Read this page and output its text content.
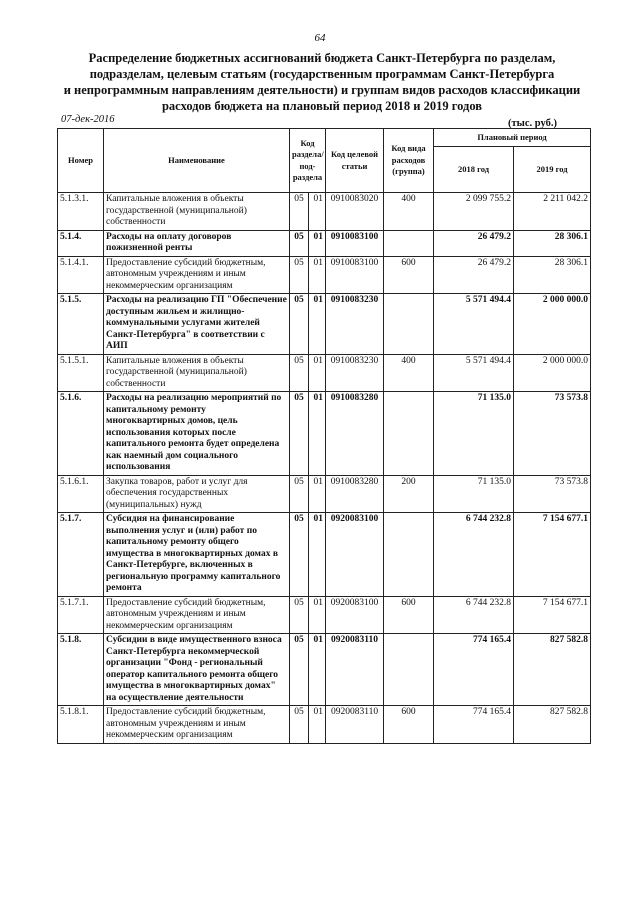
64
Распределение бюджетных ассигнований бюджета Санкт-Петербурга по разделам,
подразделам, целевым статьям (государственным программам Санкт-Петербурга
и непрограммным направлениям деятельности) и группам видов расходов классификации
расходов бюджета на плановый период 2018 и 2019 годов
07-дек-2016	(тыс. руб.)
Номер	Наименование	Код раздела/ под-раздела		Код целевой статьи	Код вида расходов (группа)	Плановый период	
						2018 год	2019 год
5.1.3.1.	Капитальные вложения в объекты государственной (муниципальной) собственности	05	01	0910083020	400	2 099 755.2	2 211 042.2
5.1.4.	Расходы на оплату договоров пожизненной ренты	05	01	0910083100		26 479.2	28 306.1
5.1.4.1.	Предоставление субсидий бюджетным, автономным учреждениям и иным некоммерческим организациям	05	01	0910083100	600	26 479.2	28 306.1
5.1.5.	Расходы на реализацию ГП "Обеспечение доступным жильем и жилищно-коммунальными услугами жителей Санкт-Петербурга" в соответствии с АИП	05	01	0910083230		5 571 494.4	2 000 000.0
5.1.5.1.	Капитальные вложения в объекты государственной (муниципальной) собственности	05	01	0910083230	400	5 571 494.4	2 000 000.0
5.1.6.	Расходы на реализацию мероприятий по капитальному ремонту многоквартирных домов, цель использования которых после капитального ремонта будет определена как наемный дом социального использования	05	01	0910083280		71 135.0	73 573.8
5.1.6.1.	Закупка товаров, работ и услуг для обеспечения государственных (муниципальных) нужд	05	01	0910083280	200	71 135.0	73 573.8
5.1.7.	Субсидия на финансирование выполнения услуг и (или) работ по капитальному ремонту общего имущества в многоквартирных домах в Санкт-Петербурге, включенных в региональную программу капитального ремонта	05	01	0920083100		6 744 232.8	7 154 677.1
5.1.7.1.	Предоставление субсидий бюджетным, автономным учреждениям и иным некоммерческим организациям	05	01	0920083100	600	6 744 232.8	7 154 677.1
5.1.8.	Субсидии в виде имущественного взноса Санкт-Петербурга некоммерческой организации "Фонд - региональный оператор капитального ремонта общего имущества в многоквартирных домах" на осуществление деятельности	05	01	0920083110		774 165.4	827 582.8
5.1.8.1.	Предоставление субсидий бюджетным, автономным учреждениям и иным некоммерческим организациям	05	01	0920083110	600	774 165.4	827 582.8
